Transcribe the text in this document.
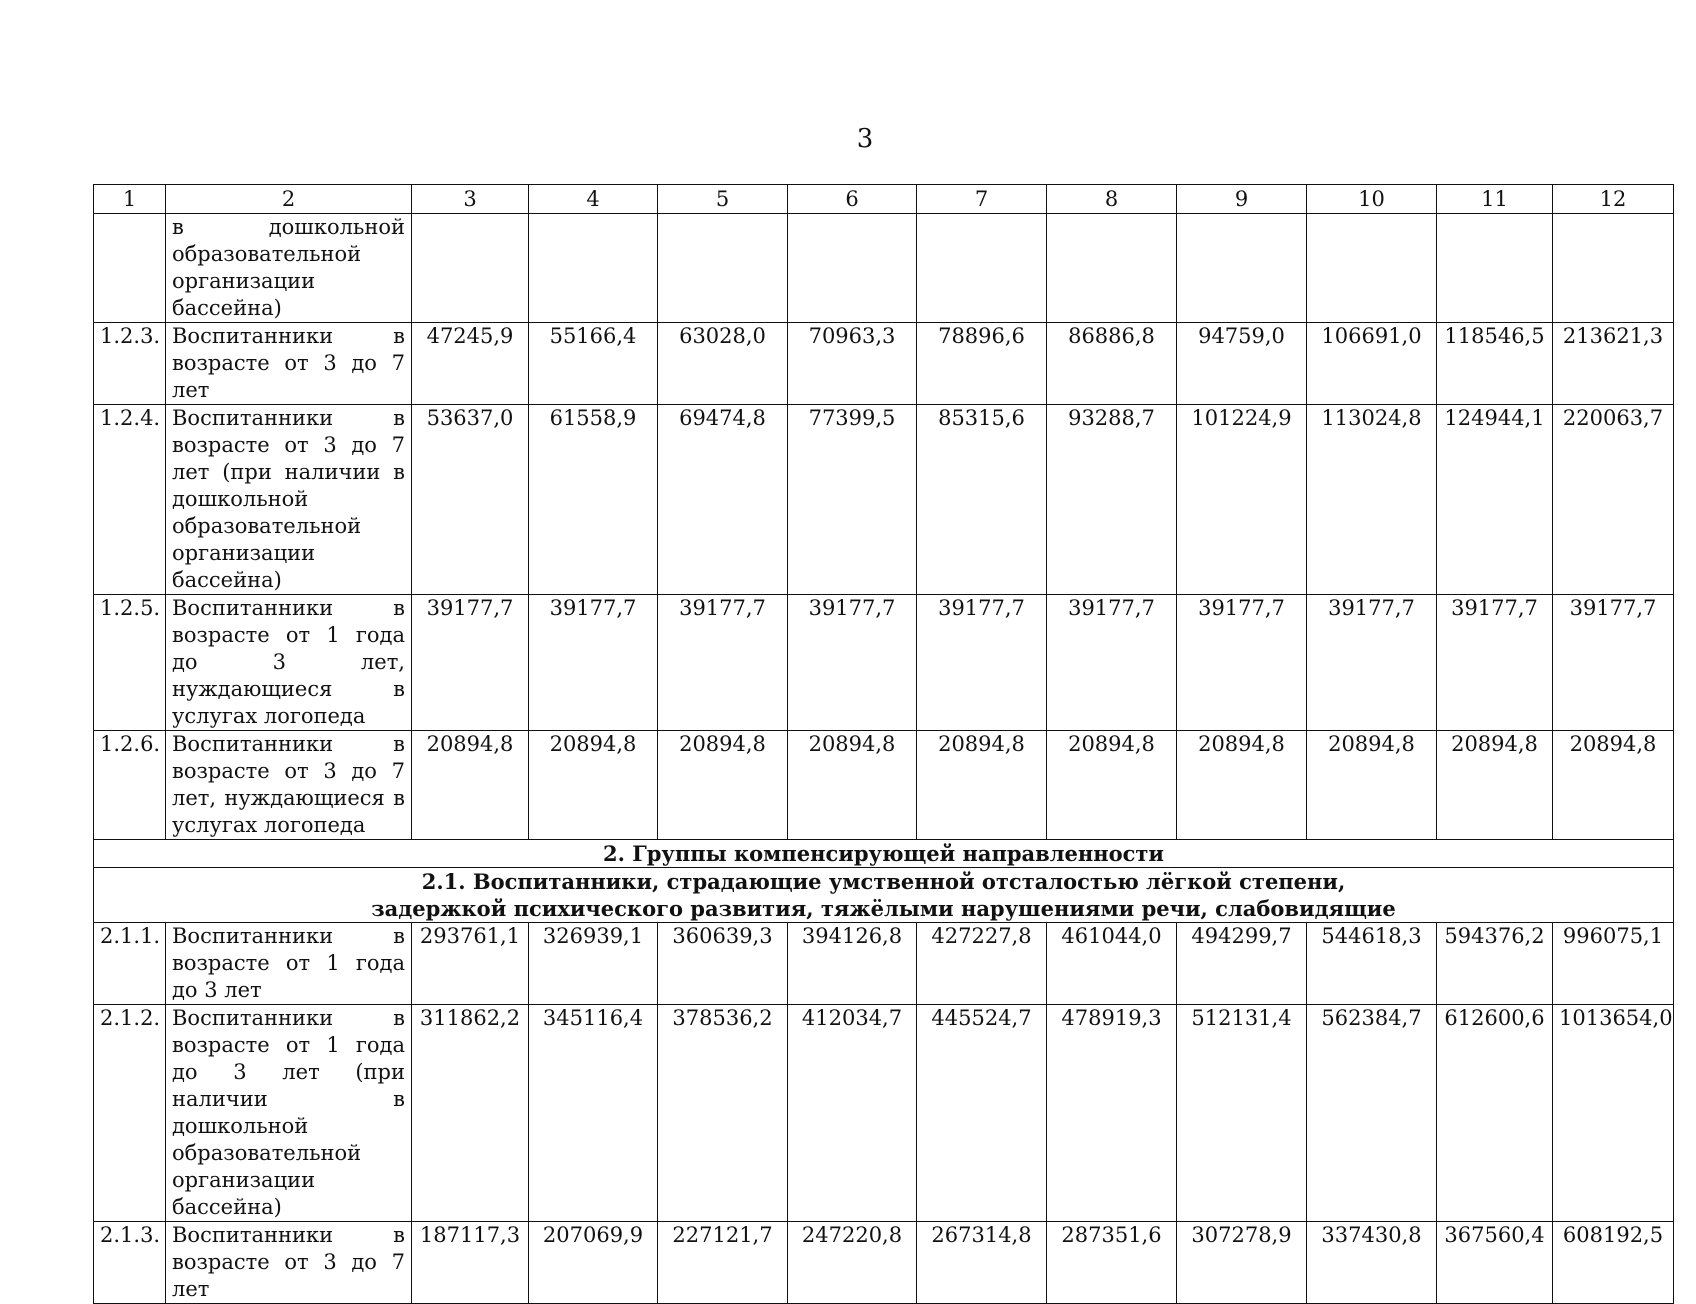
3
1	2	3	4	5	6	7	8	9	10	11	12
	в дошкольной образовательной организации бассейна)										
1.2.3.	Воспитанники в возрасте от 3 до 7 лет	47245,9	55166,4	63028,0	70963,3	78896,6	86886,8	94759,0	106691,0	118546,5	213621,3
1.2.4.	Воспитанники в возрасте от 3 до 7 лет (при наличии в дошкольной образовательной организации бассейна)	53637,0	61558,9	69474,8	77399,5	85315,6	93288,7	101224,9	113024,8	124944,1	220063,7
1.2.5.	Воспитанники в возрасте от 1 года до 3 лет, нуждающиеся в услугах логопеда	39177,7	39177,7	39177,7	39177,7	39177,7	39177,7	39177,7	39177,7	39177,7	39177,7
1.2.6.	Воспитанники в возрасте от 3 до 7 лет, нуждающиеся в услугах логопеда	20894,8	20894,8	20894,8	20894,8	20894,8	20894,8	20894,8	20894,8	20894,8	20894,8
2. Группы компенсирующей направленности											

2.1. Воспитанники, страдающие умственной отсталостью лёгкой степени,
задержкой психического развития, тяжёлыми нарушениями речи, слабовидящие											

2.1.1.	Воспитанники в возрасте от 1 года до 3 лет	293761,1	326939,1	360639,3	394126,8	427227,8	461044,0	494299,7	544618,3	594376,2	996075,1
2.1.2.	Воспитанники в возрасте от 1 года до 3 лет (при наличии в дошкольной образовательной организации бассейна)	311862,2	345116,4	378536,2	412034,7	445524,7	478919,3	512131,4	562384,7	612600,6	1013654,0
2.1.3.	Воспитанники в возрасте от 3 до 7 лет	187117,3	207069,9	227121,7	247220,8	267314,8	287351,6	307278,9	337430,8	367560,4	608192,5
